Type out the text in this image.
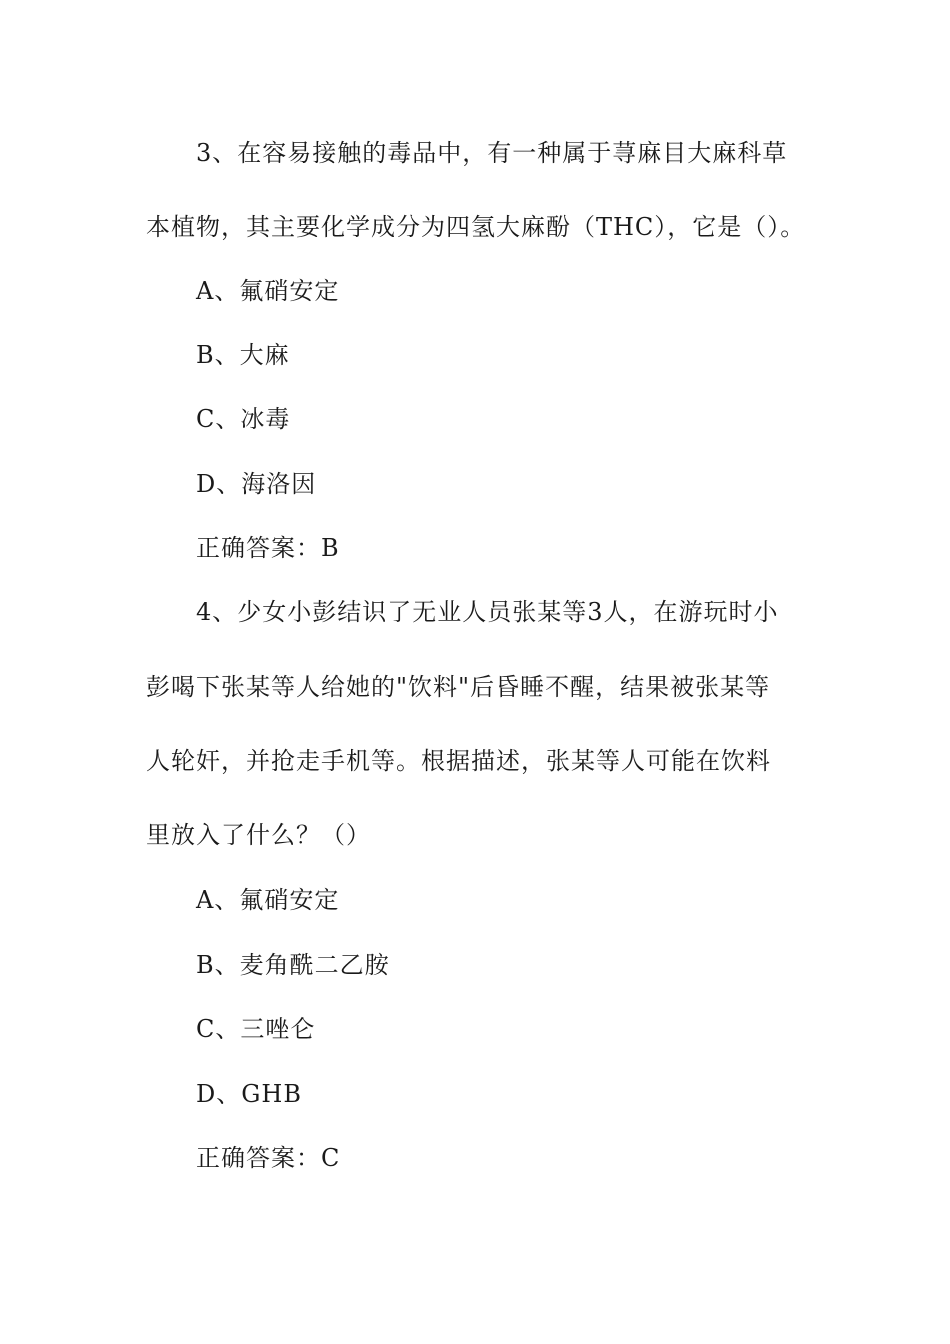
3、在容易接触的毒品中，有一种属于荨麻目大麻科草
本植物，其主要化学成分为四氢大麻酚（THC），它是（）。
A、氟硝安定
B、大麻
C、冰毒
D、海洛因
正确答案：B
4、少女小彭结识了无业人员张某等3人，在游玩时小
彭喝下张某等人给她的"饮料"后昏睡不醒，结果被张某等
人轮奸，并抢走手机等。根据描述，张某等人可能在饮料
里放入了什么？（）
A、氟硝安定
B、麦角酰二乙胺
C、三唑仑
D、GHB
正确答案：C
